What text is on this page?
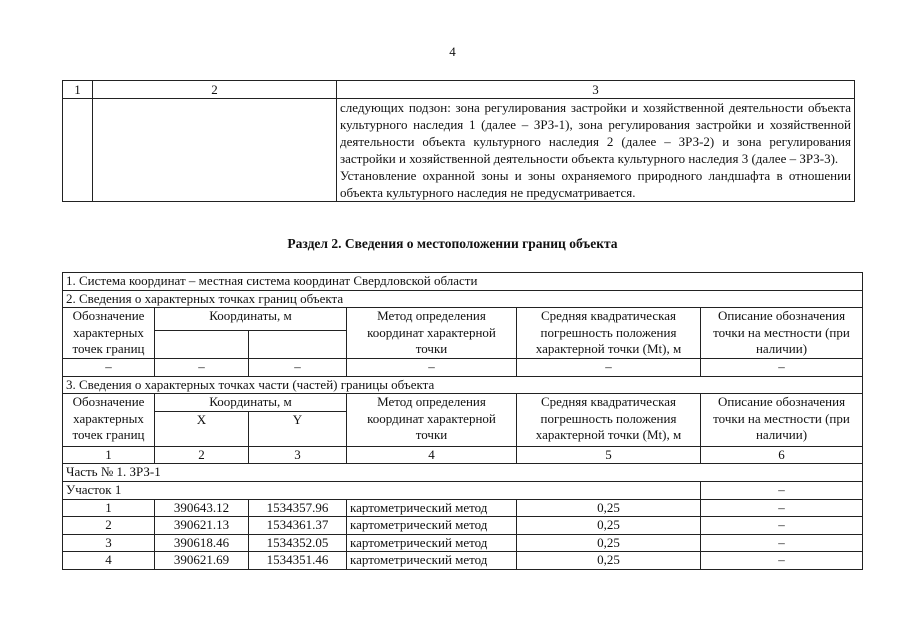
4
1	2	3

		следующих подзон: зона регулирования застройки и хозяйственной деятельности объекта культурного наследия 1 (далее – ЗРЗ-1), зона регулирования застройки и хозяйственной деятельности объекта культурного наследия 2 (далее – ЗРЗ-2) и зона регулирования застройки и хозяйственной деятельности объекта культурного наследия 3 (далее – ЗРЗ-3).

Установление охранной зоны и зоны охраняемого природного ландшафта в отношении объекта культурного наследия не предусматривается.

Раздел 2. Сведения о местоположении границ объекта
1. Система координат – местная система координат Свердловской области					
2. Сведения о характерных точках границ объекта					
Обозначение характерных точек границ	Координаты, м		Метод определения координат характерной точки	Средняя квадратическая погрешность положения характерной точки (Mt), м	Описание обозначения точки на местности (при наличии)

–	–	–	–	–	–
3. Сведения о характерных точках части (частей) границы объекта					
Обозначение характерных точек границ	Координаты, м		Метод определения координат характерной точки	Средняя квадратическая погрешность положения характерной точки (Mt), м	Описание обозначения точки на местности (при наличии)
	X	Y			
1	2	3	4	5	6
Часть № 1. ЗРЗ-1					
Участок 1					–
1	390643.12	1534357.96	картометрический метод	0,25	–
2	390621.13	1534361.37	картометрический метод	0,25	–
3	390618.46	1534352.05	картометрический метод	0,25	–
4	390621.69	1534351.46	картометрический метод	0,25	–
